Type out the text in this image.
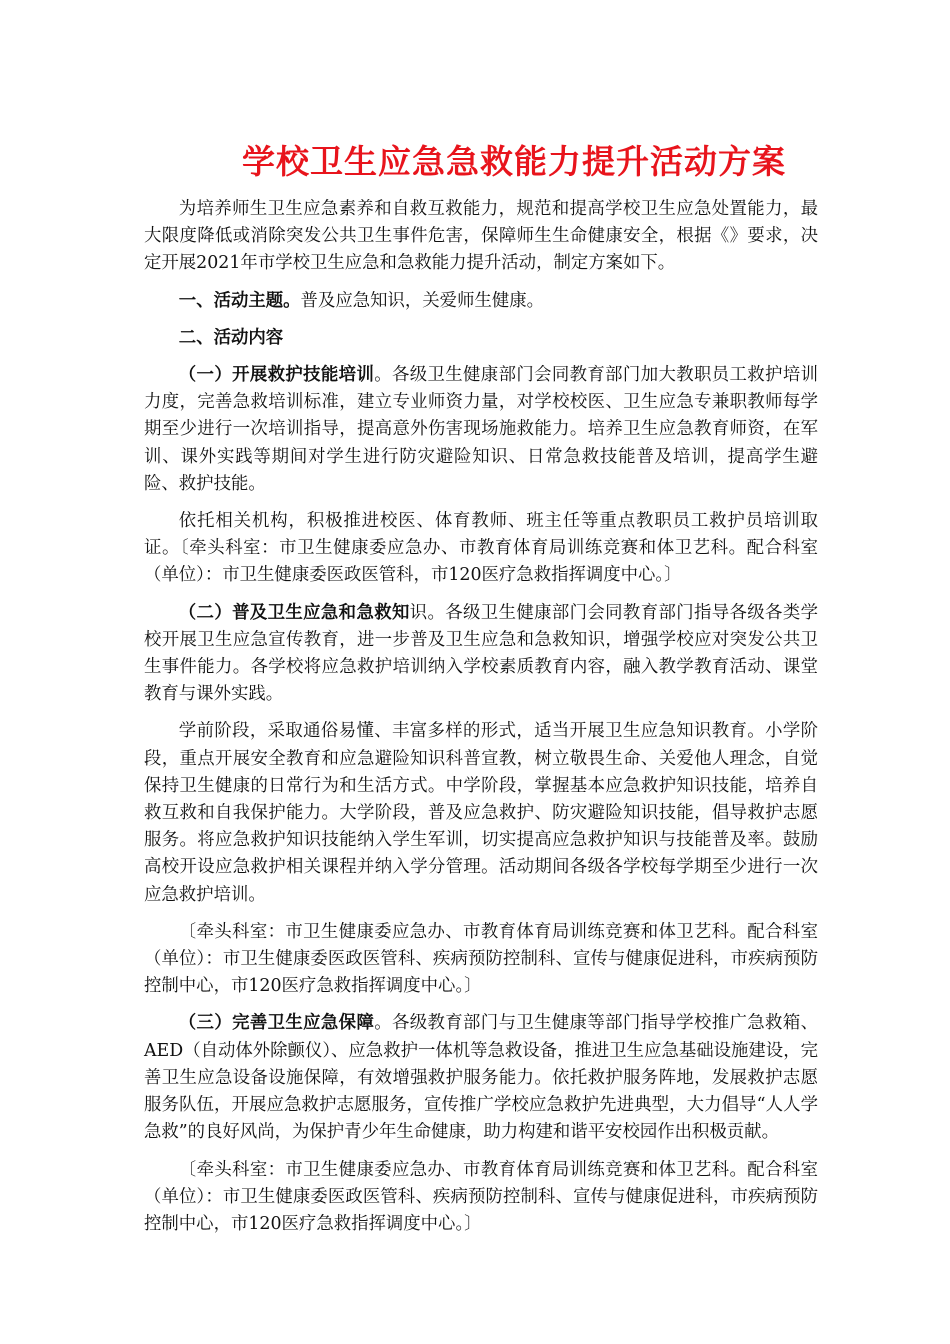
学校卫生应急急救能力提升活动方案

为培养师生卫生应急素养和自救互救能力，规范和提高学校卫生应急处置能力，最大限度降低或消除突发公共卫生事件危害，保障师生生命健康安全，根据《》要求，决定开展2021年市学校卫生应急和急救能力提升活动，制定方案如下。

一、活动主题。普及应急知识，关爱师生健康。

二、活动内容

（一）开展救护技能培训。各级卫生健康部门会同教育部门加大教职员工救护培训力度，完善急救培训标准，建立专业师资力量，对学校校医、卫生应急专兼职教师每学期至少进行一次培训指导，提高意外伤害现场施救能力。培养卫生应急教育师资，在军训、课外实践等期间对学生进行防灾避险知识、日常急救技能普及培训，提高学生避险、救护技能。

依托相关机构，积极推进校医、体育教师、班主任等重点教职员工救护员培训取证。〔牵头科室：市卫生健康委应急办、市教育体育局训练竞赛和体卫艺科。配合科室（单位）：市卫生健康委医政医管科，市120医疗急救指挥调度中心。〕

（二）普及卫生应急和急救知识。各级卫生健康部门会同教育部门指导各级各类学校开展卫生应急宣传教育，进一步普及卫生应急和急救知识，增强学校应对突发公共卫生事件能力。各学校将应急救护培训纳入学校素质教育内容，融入教学教育活动、课堂教育与课外实践。

学前阶段，采取通俗易懂、丰富多样的形式，适当开展卫生应急知识教育。小学阶段，重点开展安全教育和应急避险知识科普宣教，树立敬畏生命、关爱他人理念，自觉保持卫生健康的日常行为和生活方式。中学阶段，掌握基本应急救护知识技能，培养自救互救和自我保护能力。大学阶段，普及应急救护、防灾避险知识技能，倡导救护志愿服务。将应急救护知识技能纳入学生军训，切实提高应急救护知识与技能普及率。鼓励高校开设应急救护相关课程并纳入学分管理。活动期间各级各学校每学期至少进行一次应急救护培训。

〔牵头科室：市卫生健康委应急办、市教育体育局训练竞赛和体卫艺科。配合科室（单位）：市卫生健康委医政医管科、疾病预防控制科、宣传与健康促进科，市疾病预防控制中心，市120医疗急救指挥调度中心。〕

（三）完善卫生应急保障。各级教育部门与卫生健康等部门指导学校推广急救箱、AED（自动体外除颤仪）、应急救护一体机等急救设备，推进卫生应急基础设施建设，完善卫生应急设备设施保障，有效增强救护服务能力。依托救护服务阵地，发展救护志愿服务队伍，开展应急救护志愿服务，宣传推广学校应急救护先进典型，大力倡导“人人学急救”的良好风尚，为保护青少年生命健康，助力构建和谐平安校园作出积极贡献。

〔牵头科室：市卫生健康委应急办、市教育体育局训练竞赛和体卫艺科。配合科室（单位）：市卫生健康委医政医管科、疾病预防控制科、宣传与健康促进科，市疾病预防控制中心，市120医疗急救指挥调度中心。〕
